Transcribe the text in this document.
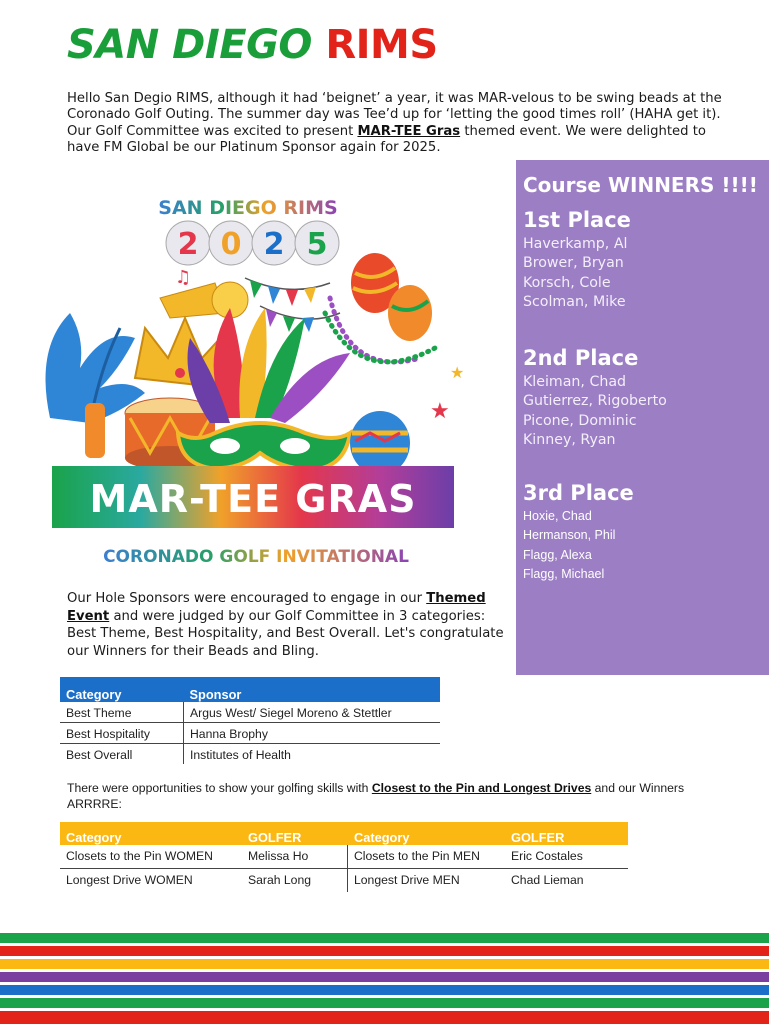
SAN DIEGO RIMS
Hello San Degio RIMS, although it had ‘beignet’ a year, it was MAR-velous to be swing beads at the Coronado Golf Outing. The summer day was Tee’d up for ‘letting the good times roll’ (HAHA get it). Our Golf Committee was excited to present MAR-TEE Gras themed event. We were delighted to have FM Global be our Platinum Sponsor again for 2025.
SAN DIEGO RIMS
2 0 2 5
♫
★
★
MAR-TEE GRAS
CORONADO GOLF INVITATIONAL
Course WINNERS !!!!
1st Place
Haverkamp, Al
Brower, Bryan
Korsch, Cole
Scolman, Mike
2nd Place
Kleiman, Chad
Gutierrez, Rigoberto
Picone, Dominic
Kinney, Ryan
3rd Place
Hoxie, Chad
Hermanson, Phil
Flagg, Alexa
Flagg, Michael
Our Hole Sponsors were encouraged to engage in our Themed Event and were judged by our Golf Committee in 3 categories: Best Theme, Best Hospitality, and Best Overall. Let's congratulate our Winners for their Beads and Bling.
Category	Sponsor
Best Theme	Argus West/ Siegel Moreno & Stettler
Best Hospitality	Hanna Brophy
Best Overall	Institutes of Health
There were opportunities to show your golfing skills with Closest to the Pin and Longest Drives and our Winners ARRRRE:
Category	GOLFER	Category	GOLFER
Closets to the Pin WOMEN	Melissa Ho	Closets to the Pin MEN	Eric Costales
Longest Drive WOMEN	Sarah Long	Longest Drive MEN	Chad Lieman
